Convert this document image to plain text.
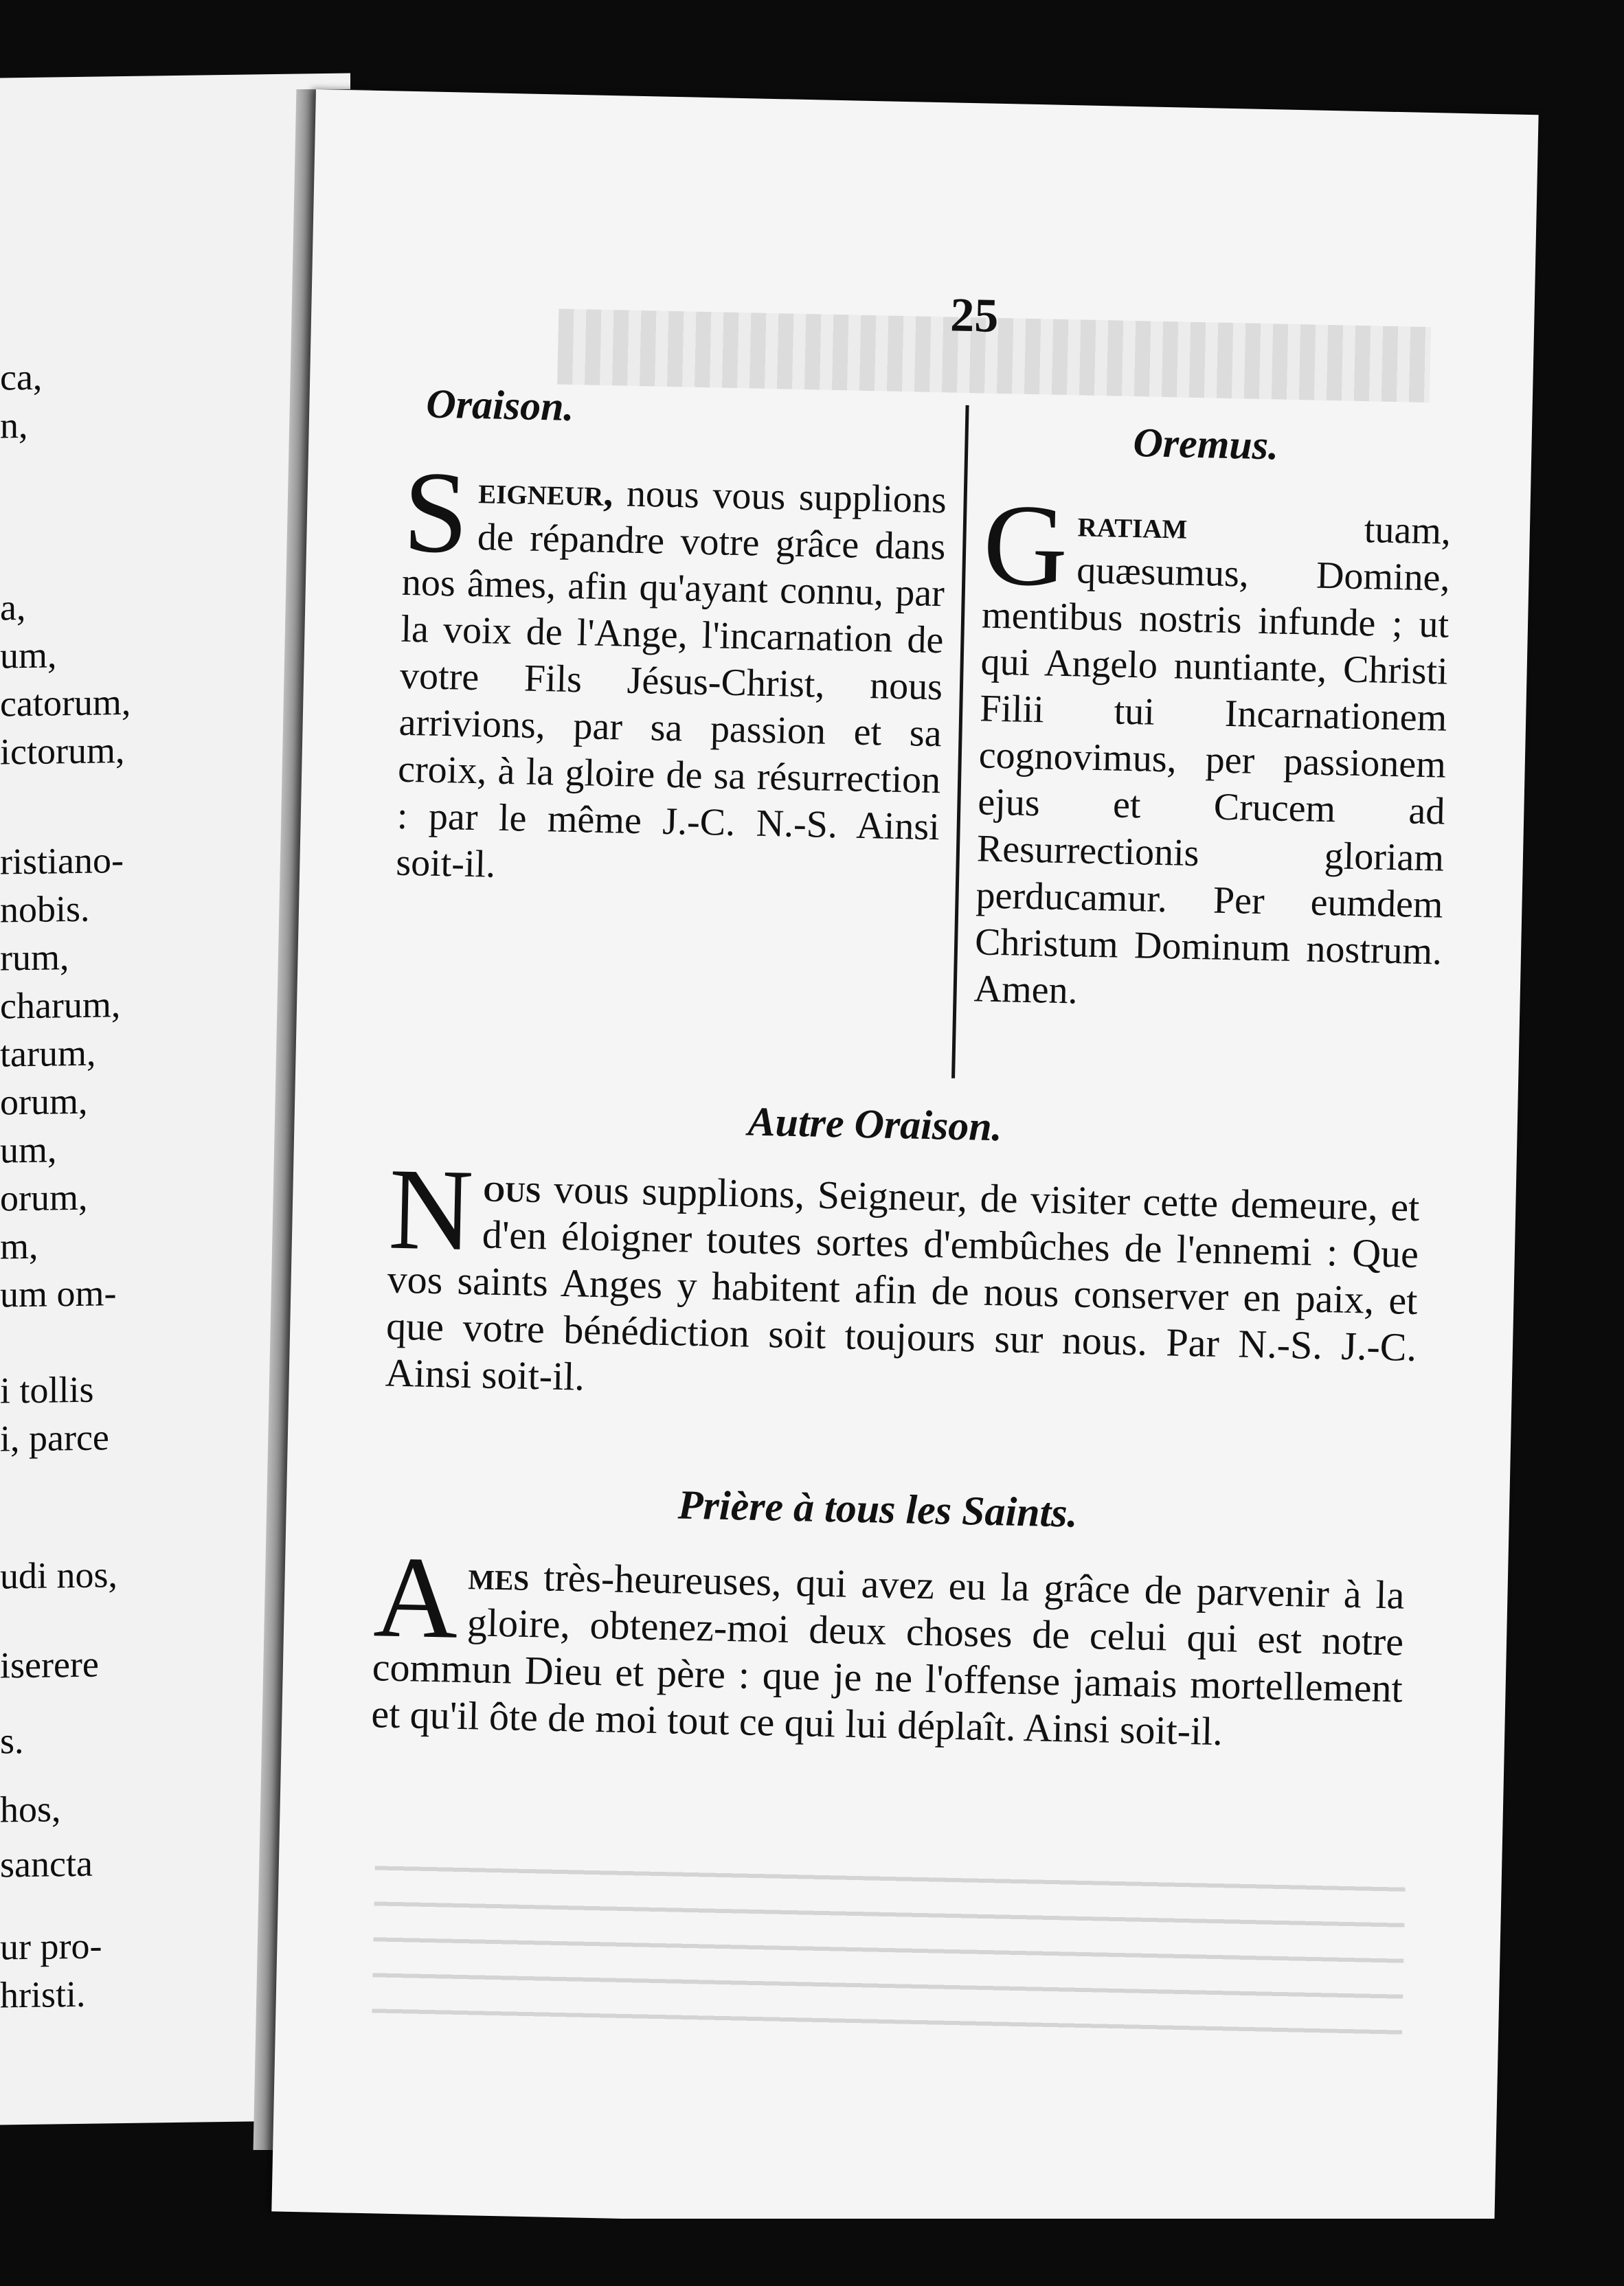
ca,
n,
a,
um,
catorum,
ictorum,
ristiano-
nobis.
rum,
charum,
tarum,
orum,
um,
orum,
m,
um om-
i tollis
i, parce
udi nos,
iserere
s.
hos,
sancta
ur pro-
hristi.
25
Oraison.
Oremus.

S eigneur, nous vous supplions de répandre votre grâce dans nos âmes, afin qu'ayant connu, par la voix de l'Ange, l'incarnation de votre Fils Jésus-Christ, nous arrivions, par sa passion et sa croix, à la gloire de sa résurrection : par le même J.-C. N.-S. Ainsi soit-il.

G ratiam	tuam, quæsumus, Domine, mentibus nostris infunde ; ut qui Angelo nuntiante, Christi Filii tui Incarnationem cognovimus, per passionem ejus et Crucem ad Resurrectionis gloriam perducamur. Per eumdem Christum Dominum nostrum. Amen.

Autre Oraison.

N ous vous supplions, Seigneur, de visiter cette demeure, et d'en éloigner toutes sortes d'embûches de l'ennemi : Que vos saints Anges y habitent afin de nous conserver en paix, et que votre bénédiction soit toujours sur nous. Par N.-S. J.-C. Ainsi soit-il.

Prière à tous les Saints.

A mes très-heureuses, qui avez eu la grâce de parvenir à la gloire, obtenez-moi deux choses de celui qui est notre commun Dieu et père : que je ne l'offense jamais mortellement et qu'il ôte de moi tout ce qui lui déplaît. Ainsi soit-il.
